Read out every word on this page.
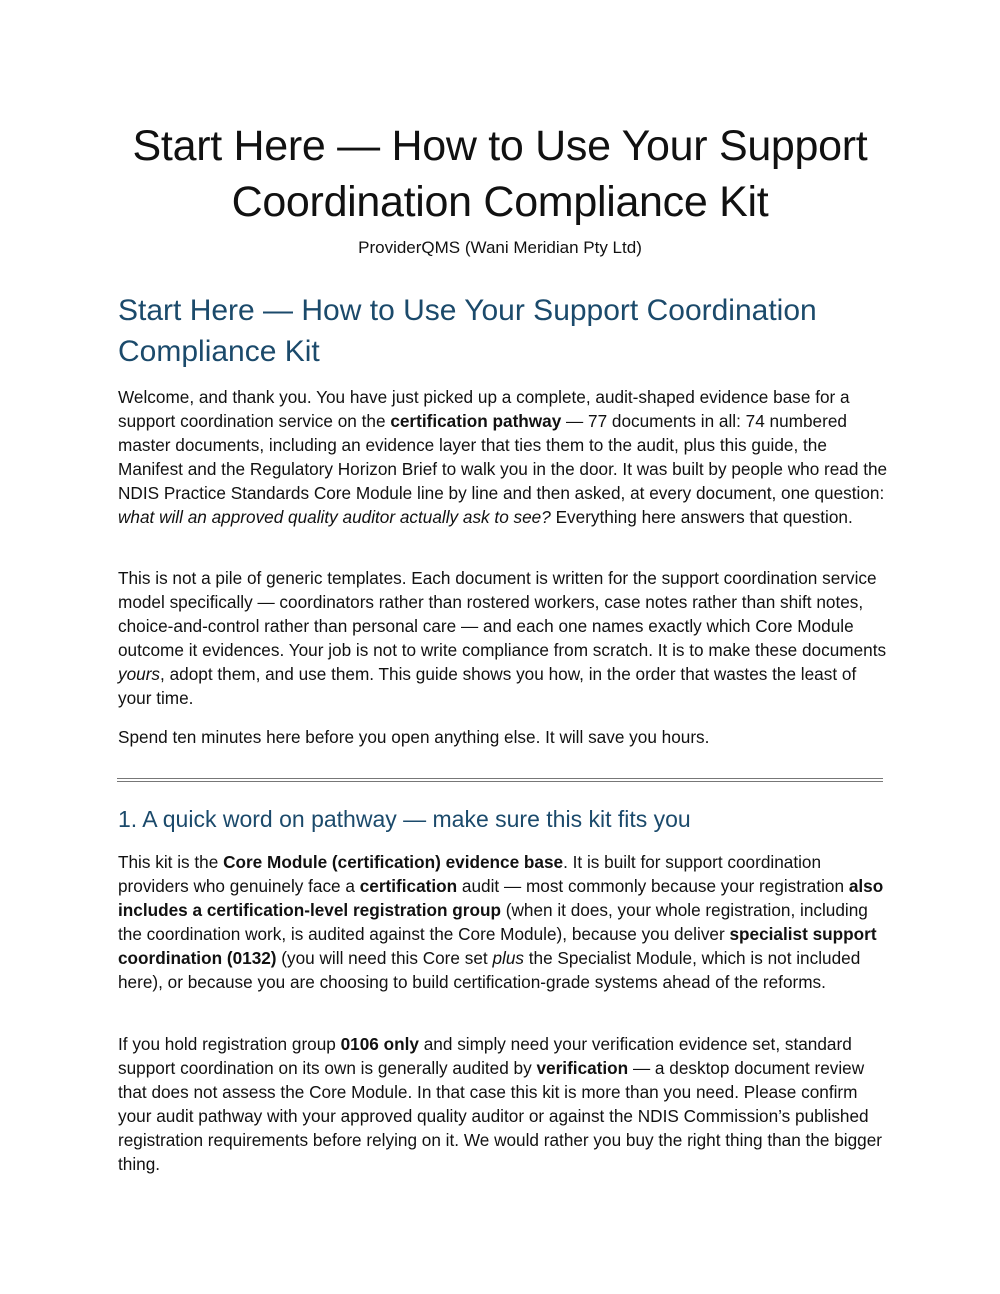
Start Here — How to Use Your Support Coordination Compliance Kit

ProviderQMS (Wani Meridian Pty Ltd)

Start Here — How to Use Your Support Coordination Compliance Kit

Welcome, and thank you. You have just picked up a complete, audit-shaped evidence base for a support coordination service on the certification pathway — 77 documents in all: 74 numbered master documents, including an evidence layer that ties them to the audit, plus this guide, the Manifest and the Regulatory Horizon Brief to walk you in the door. It was built by people who read the NDIS Practice Standards Core Module line by line and then asked, at every document, one question: what will an approved quality auditor actually ask to see? Everything here answers that question.

This is not a pile of generic templates. Each document is written for the support coordination service model specifically — coordinators rather than rostered workers, case notes rather than shift notes, choice-and-control rather than personal care — and each one names exactly which Core Module outcome it evidences. Your job is not to write compliance from scratch. It is to make these documents yours, adopt them, and use them. This guide shows you how, in the order that wastes the least of your time.

Spend ten minutes here before you open anything else. It will save you hours.

1. A quick word on pathway — make sure this kit fits you

This kit is the Core Module (certification) evidence base. It is built for support coordination providers who genuinely face a certification audit — most commonly because your registration also includes a certification-level registration group (when it does, your whole registration, including the coordination work, is audited against the Core Module), because you deliver specialist support coordination (0132) (you will need this Core set plus the Specialist Module, which is not included here), or because you are choosing to build certification-grade systems ahead of the reforms.

If you hold registration group 0106 only and simply need your verification evidence set, standard support coordination on its own is generally audited by verification — a desktop document review that does not assess the Core Module. In that case this kit is more than you need. Please confirm your audit pathway with your approved quality auditor or against the NDIS Commission’s published registration requirements before relying on it. We would rather you buy the right thing than the bigger thing.
